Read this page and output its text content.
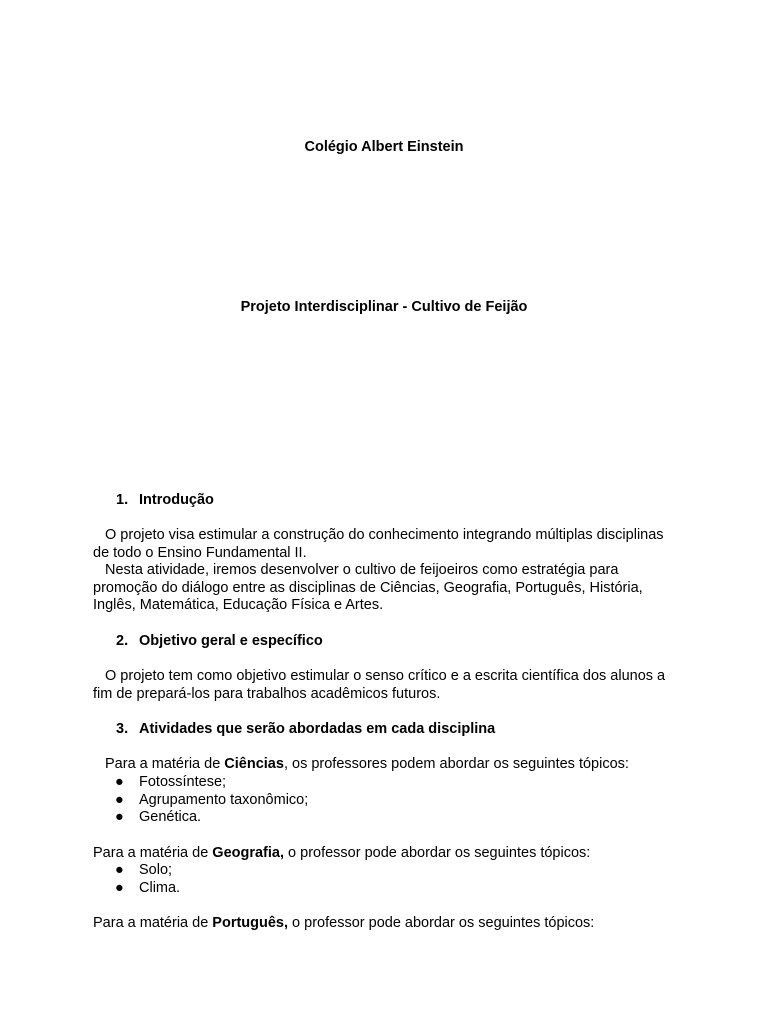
Colégio Albert Einstein
Projeto Interdisciplinar - Cultivo de Feijão
1. Introdução

O projeto visa estimular a construção do conhecimento integrando múltiplas disciplinas de todo o Ensino Fundamental II.

Nesta atividade, iremos desenvolver o cultivo de feijoeiros como estratégia para promoção do diálogo entre as disciplinas de Ciências, Geografia, Português, História, Inglês, Matemática, Educação Física e Artes.

2. Objetivo geral e específico

O projeto tem como objetivo estimular o senso crítico e a escrita científica dos alunos a fim de prepará-los para trabalhos acadêmicos futuros.

3. Atividades que serão abordadas em cada disciplina

Para a matéria de Ciências, os professores podem abordar os seguintes tópicos:

● Fotossíntese;
● Agrupamento taxonômico;
● Genética.

Para a matéria de Geografia, o professor pode abordar os seguintes tópicos:

● Solo;
● Clima.

Para a matéria de Português, o professor pode abordar os seguintes tópicos:
